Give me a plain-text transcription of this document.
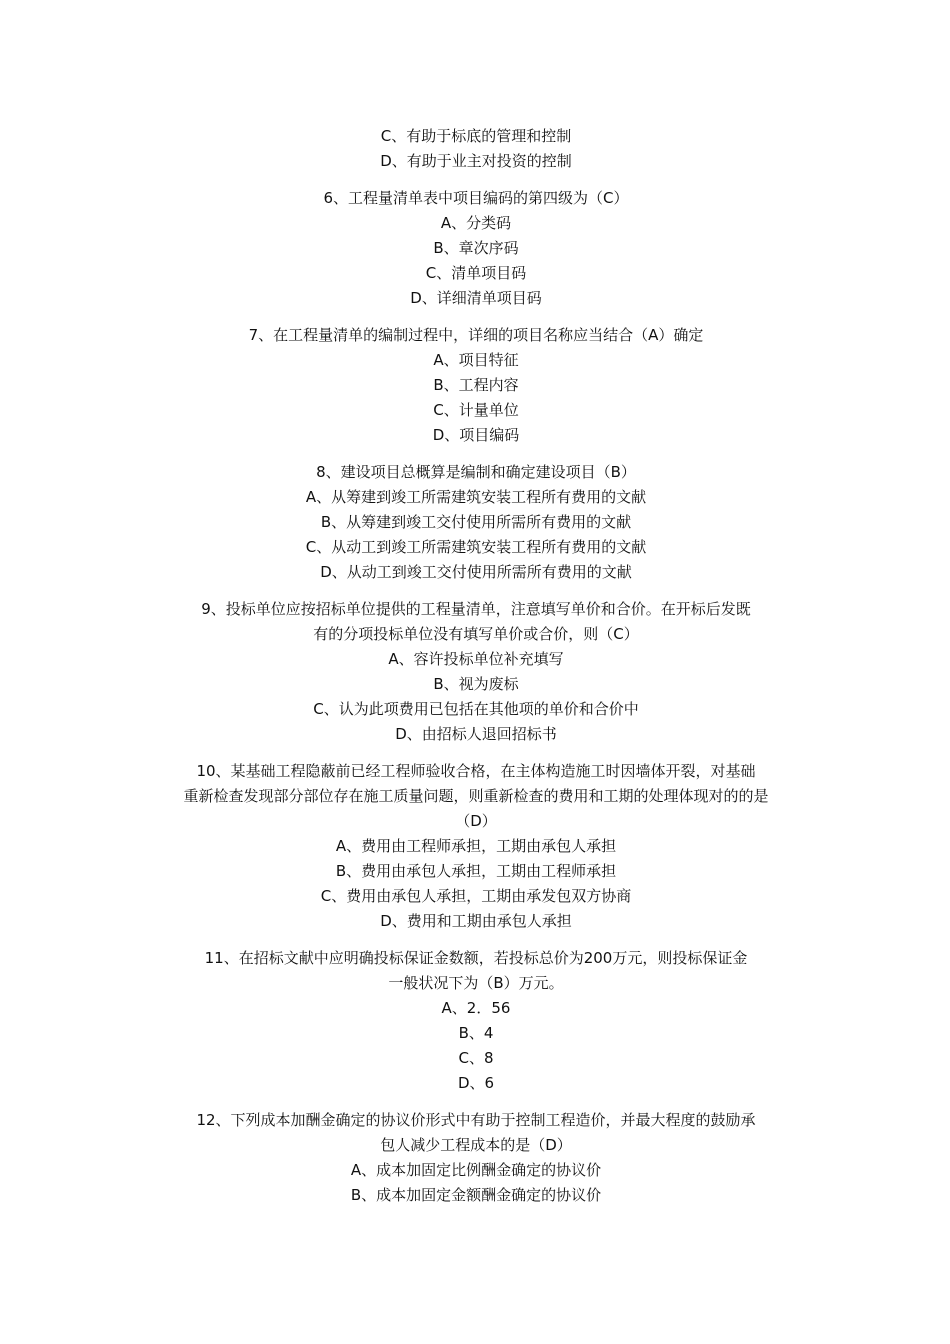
C、有助于标底的管理和控制
D、有助于业主对投资的控制
6、工程量清单表中项目编码的第四级为（C）
A、分类码
B、章次序码
C、清单项目码
D、详细清单项目码
7、在工程量清单的编制过程中，详细的项目名称应当结合（A）确定
A、项目特征
B、工程内容
C、计量单位
D、项目编码
8、建设项目总概算是编制和确定建设项目（B）
A、从筹建到竣工所需建筑安装工程所有费用的文献
B、从筹建到竣工交付使用所需所有费用的文献
C、从动工到竣工所需建筑安装工程所有费用的文献
D、从动工到竣工交付使用所需所有费用的文献
9、投标单位应按招标单位提供的工程量清单，注意填写单价和合价。在开标后发既
有的分项投标单位没有填写单价或合价，则（C）
A、容许投标单位补充填写
B、视为废标
C、认为此项费用已包括在其他项的单价和合价中
D、由招标人退回招标书
10、某基础工程隐蔽前已经工程师验收合格，在主体构造施工时因墙体开裂，对基础
重新检查发现部分部位存在施工质量问题，则重新检查的费用和工期的处理体现对的的是
（D）
A、费用由工程师承担，工期由承包人承担
B、费用由承包人承担，工期由工程师承担
C、费用由承包人承担，工期由承发包双方协商
D、费用和工期由承包人承担
11、在招标文献中应明确投标保证金数额，若投标总价为200万元，则投标保证金
一般状况下为（B）万元。
A、2．56
B、4
C、8
D、6
12、下列成本加酬金确定的协议价形式中有助于控制工程造价，并最大程度的鼓励承
包人减少工程成本的是（D）
A、成本加固定比例酬金确定的协议价
B、成本加固定金额酬金确定的协议价
